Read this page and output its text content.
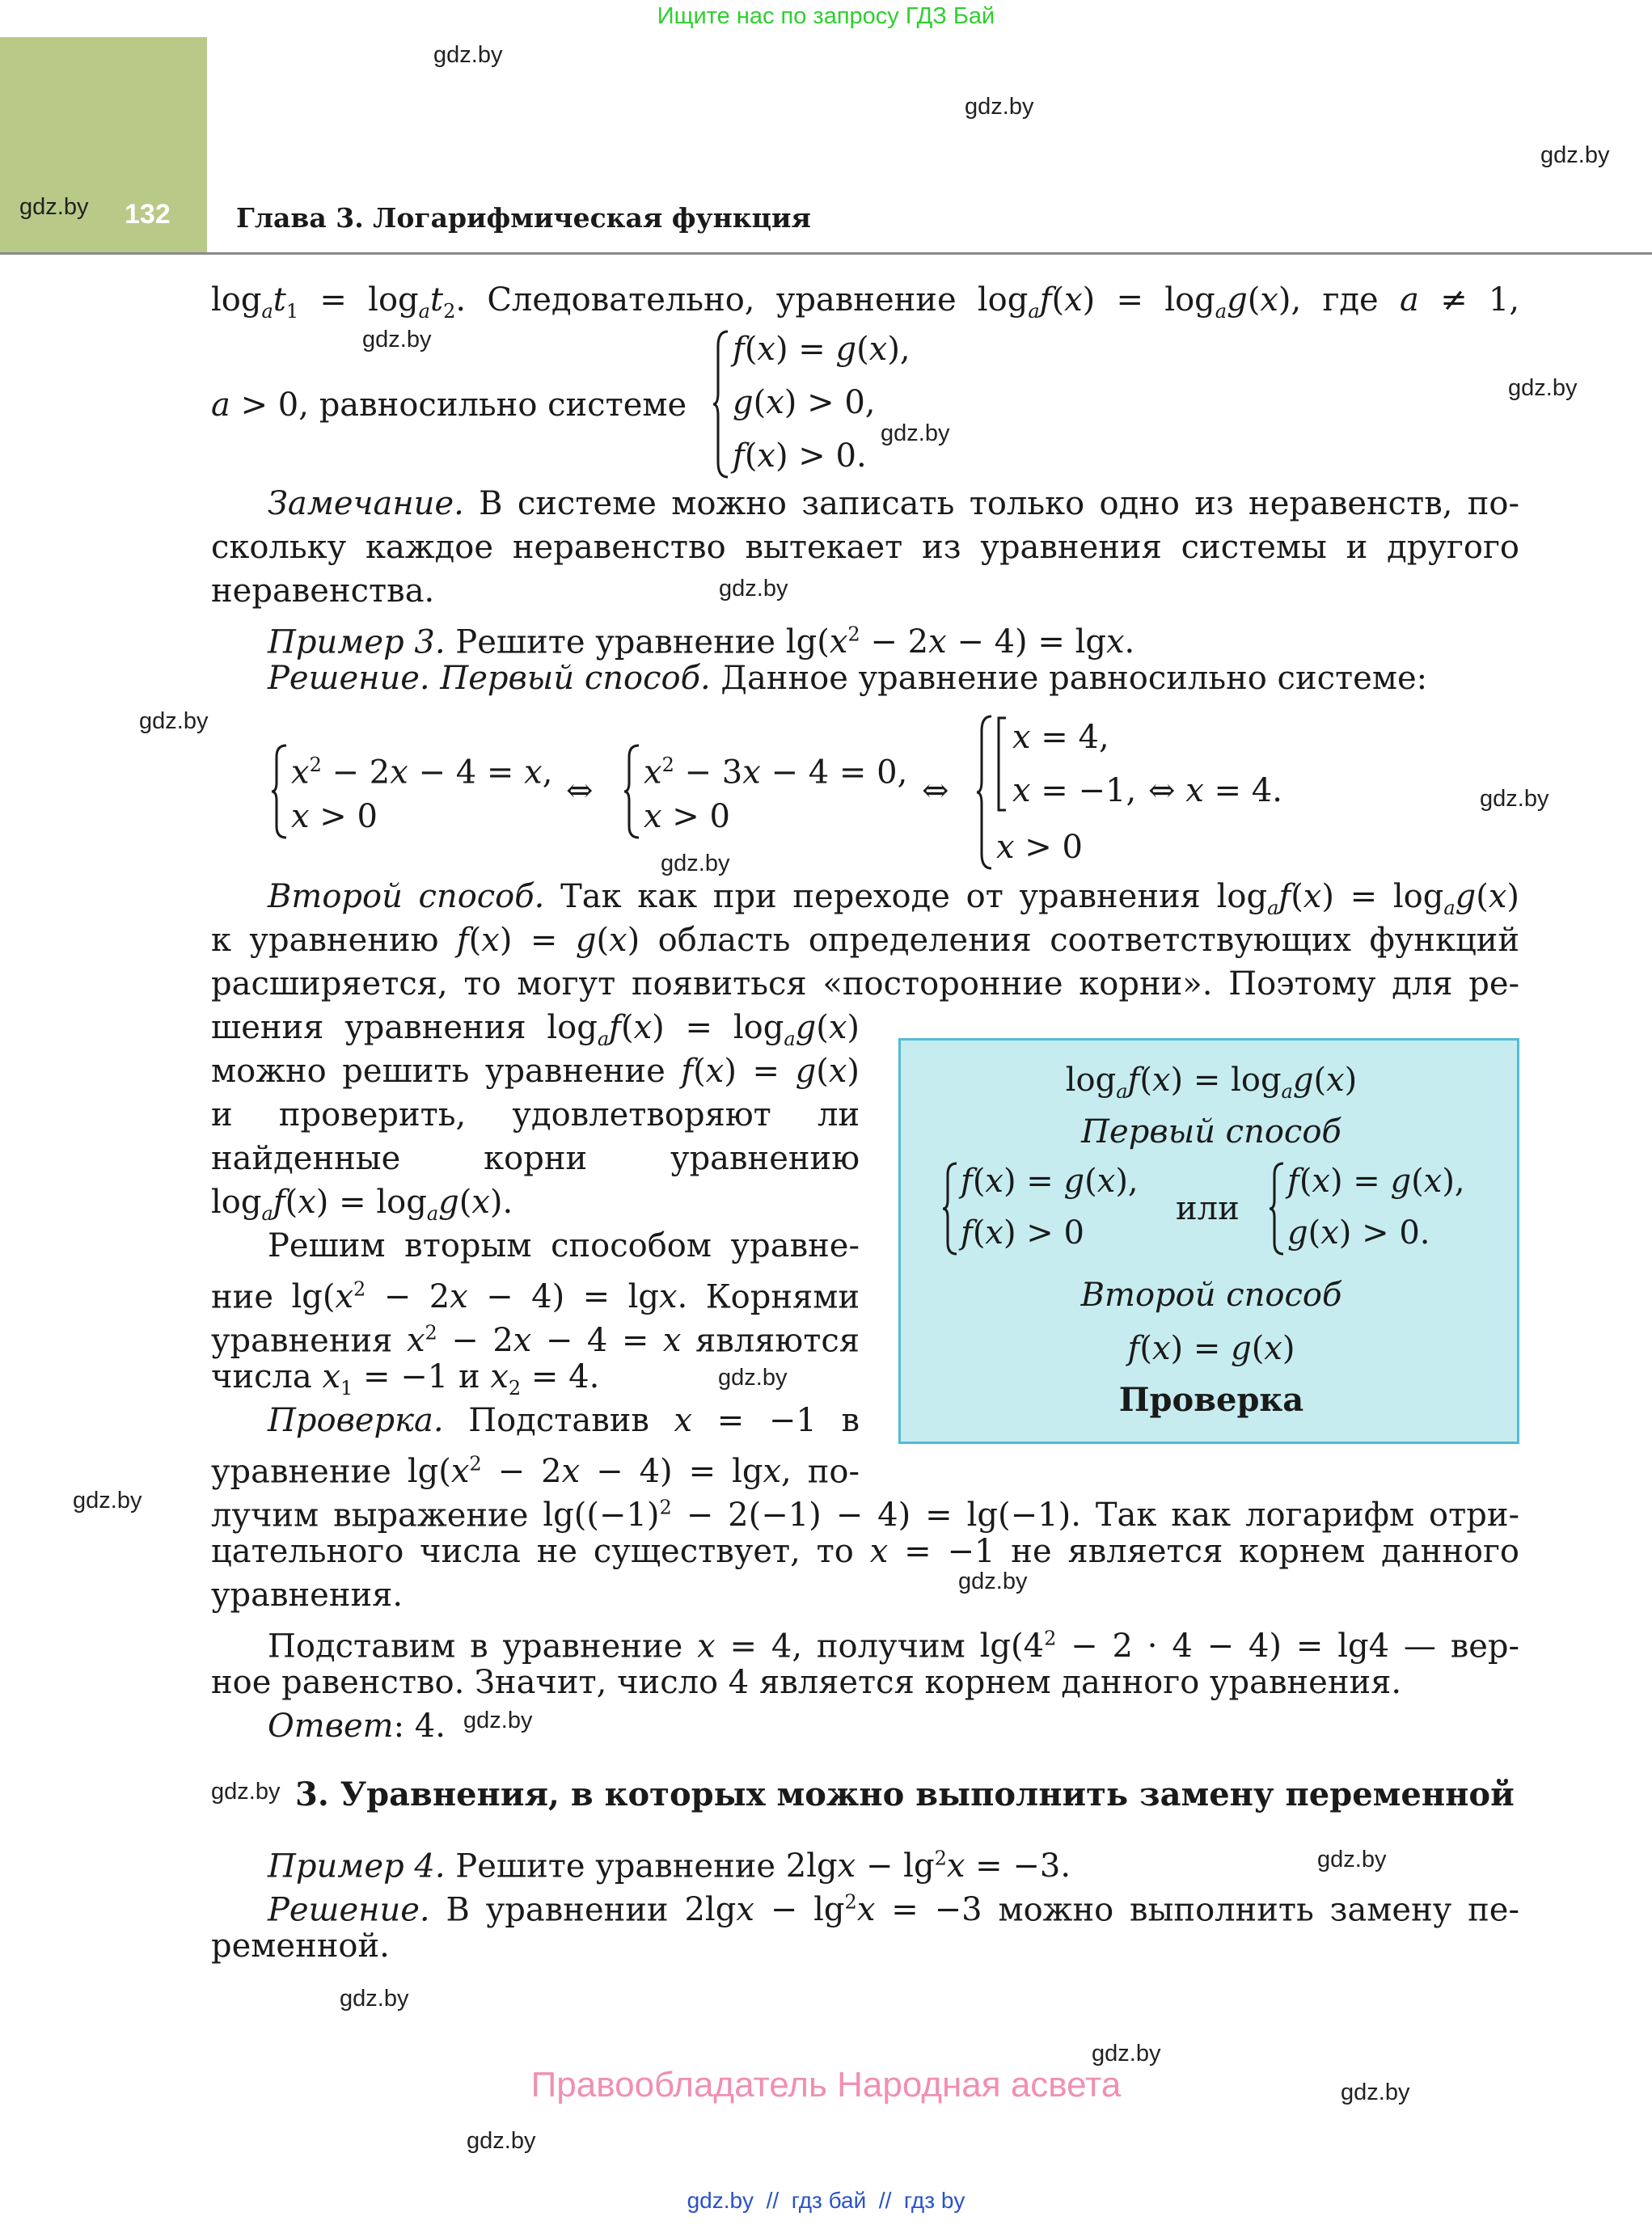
Ищите нас по запросу ГДЗ Бай
gdz.by 132 Глава 3. Логарифмическая функция
gdz.by
gdz.by
gdz.by
gdz.by
gdz.by
gdz.by
gdz.by
gdz.by
gdz.by
gdz.by
gdz.by
gdz.by
gdz.by
gdz.by
gdz.by
gdz.by
gdz.by
gdz.by
gdz.by
gdz.by
$\log_at_1 = \log_at_2$. Следовательно, уравнение $\log_af(x) = \log_ag(x)$, где a ≠ 1,
a > 0, равносильно системе
f(x) = g(x),
g(x) > 0,
f(x) > 0.
Замечание. В системе можно записать только одно из неравенств, по-
скольку каждое неравенство вытекает из уравнения системы и другого
неравенства.
Пример 3. Решите уравнение $\lg(x^2 - 2x - 4) = \lg x$.
Решение. Первый способ. Данное уравнение равносильно системе:
$x^2 - 2x - 4 = x$,
x > 0
⇔ $x^2 - 3x - 4 = 0$,
x > 0
⇔
x = 4,
x = −1,
x > 0
⇔ x = 4.
Второй способ. Так как при переходе от уравнения $\log_af(x) = \log_ag(x)$
к уравнению f(x) = g(x) область определения соответствующих функций
расширяется, то могут появиться «посторонние корни». Поэтому для ре-
шения уравнения $\log_af(x) = \log_ag(x)$
можно решить уравнение f(x) = g(x)
и проверить, удовлетворяют ли
найденные	корни	уравнению
$\log_af(x) = \log_ag(x)$.
Решим вторым способом уравне-
ние $\lg(x^2 - 2x - 4) = \lg x$. Корнями
уравнения $x^2 - 2x - 4 = x$ являются
числа $x_1 = -1$ и $x_2 = 4$.
Проверка. Подставив x = −1 в
уравнение $\lg(x^2 - 2x - 4) = \lg x$, по-
лучим выражение $\lg((-1)^2 - 2(-1) - 4) = \lg(-1)$. Так как логарифм отри-
цательного числа не существует, то x = −1 не является корнем данного
уравнения.
Подставим в уравнение x = 4, получим $\lg(4^2 - 2 \cdot 4 - 4) = \lg 4$ — вер-
ное равенство. Значит, число 4 является корнем данного уравнения.
Ответ: 4.
$\log_af(x) = \log_ag(x)$
Первый способ
f(x) = g(x),
f(x) > 0
или
f(x) = g(x),
g(x) > 0.
Второй способ
f(x) = g(x)
Проверка
3. Уравнения, в которых можно выполнить замену переменной
Пример 4. Решите уравнение $2\lg x - \lg^2x = -3$.
Решение. В уравнении $2\lg x - \lg^2x = -3$ можно выполнить замену пе-
ременной.
Правообладатель Народная асвета
gdz.by  //  гдз бай  //  гдз by
